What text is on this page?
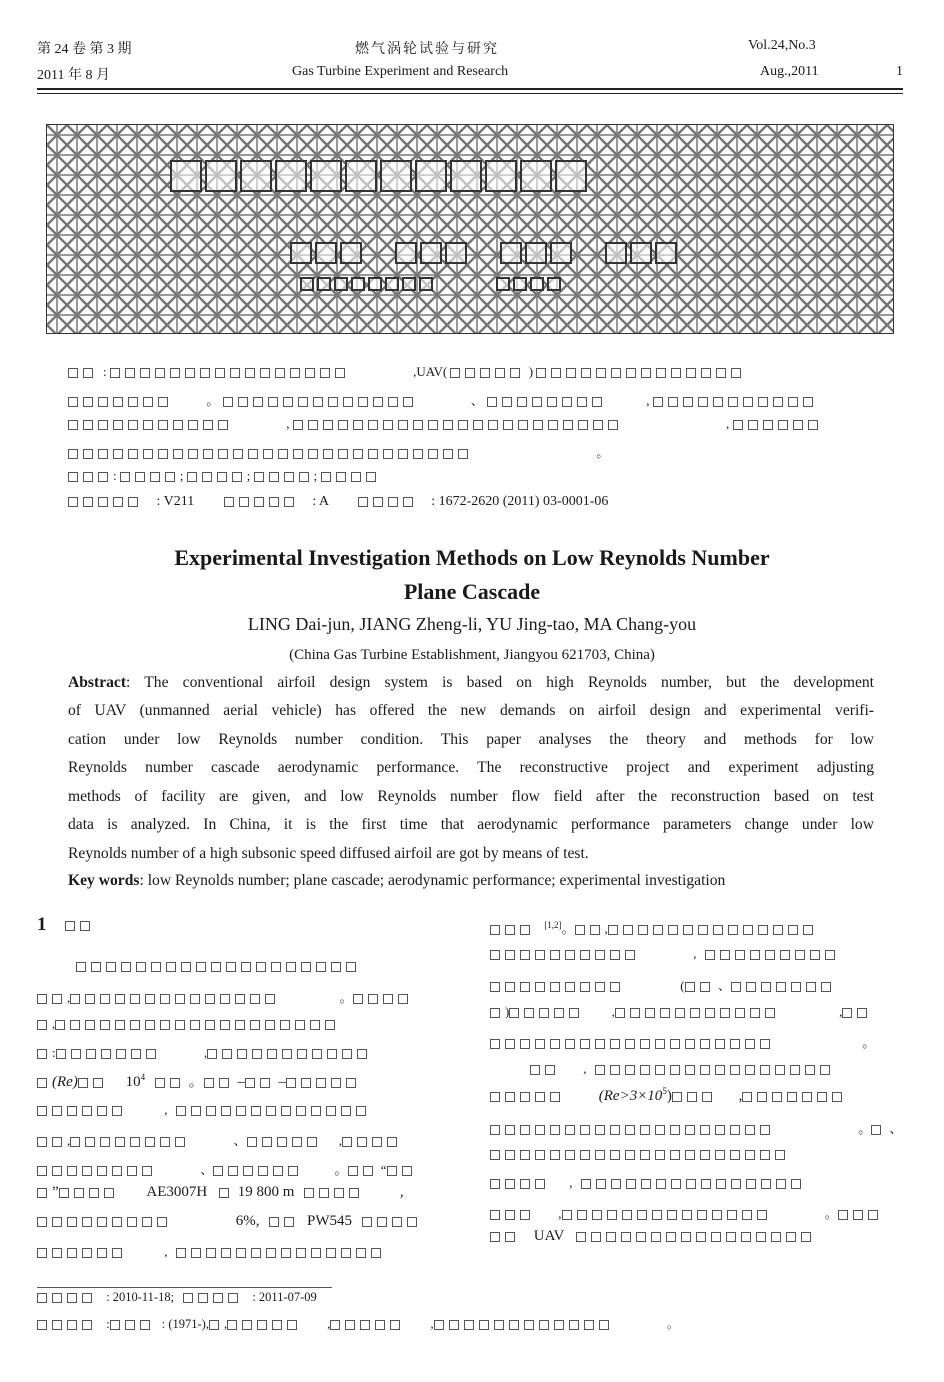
第 24 卷 第 3 期	燃气涡轮试验与研究	Vol.24,No.3
2011 年 8 月	Gas Turbine Experiment and Research	Aug.,2011	1
:	,UAV(	)
。	、	,
,	,
。
:	;	;	;
: V211	: A	: 1672-2620 (2011) 03-0001-06
Experimental Investigation Methods on Low Reynolds Number
Plane Cascade
LING Dai-jun, JIANG Zheng-li, YU Jing-tao, MA Chang-you
(China Gas Turbine Establishment, Jiangyou 621703, China)
Abstract: The conventional airfoil design system is based on high Reynolds number, but the development
of UAV (unmanned aerial vehicle) has offered the new demands on airfoil design and experimental verifi-
cation under low Reynolds number condition. This paper analyses the theory and methods for low
Reynolds number cascade aerodynamic performance. The reconstructive project and experiment adjusting
methods of facility are given, and low Reynolds number flow field after the reconstruction based on test
data is analyzed. In China, it is the first time that aerodynamic performance parameters change under low
Reynolds number of a high subsonic speed diffused airfoil are got by means of test.
Key words: low Reynolds number; plane cascade; aerodynamic performance; experimental investigation
1
,	。
,
:	,
(Re)	$10^4$	。 – –
,
,	、	,
、	。	“
”	AE3007H 19 800 m	,
6%,	PW545
,
[1,2]。 ,
,
( 、
)	,	,
。
,
$(Re>3\times 10^5)$	,
。 、
,
,	。
UAV
: 2010-11-18;	: 2011-07-09
:	: (1971-), ,	,	,	。
